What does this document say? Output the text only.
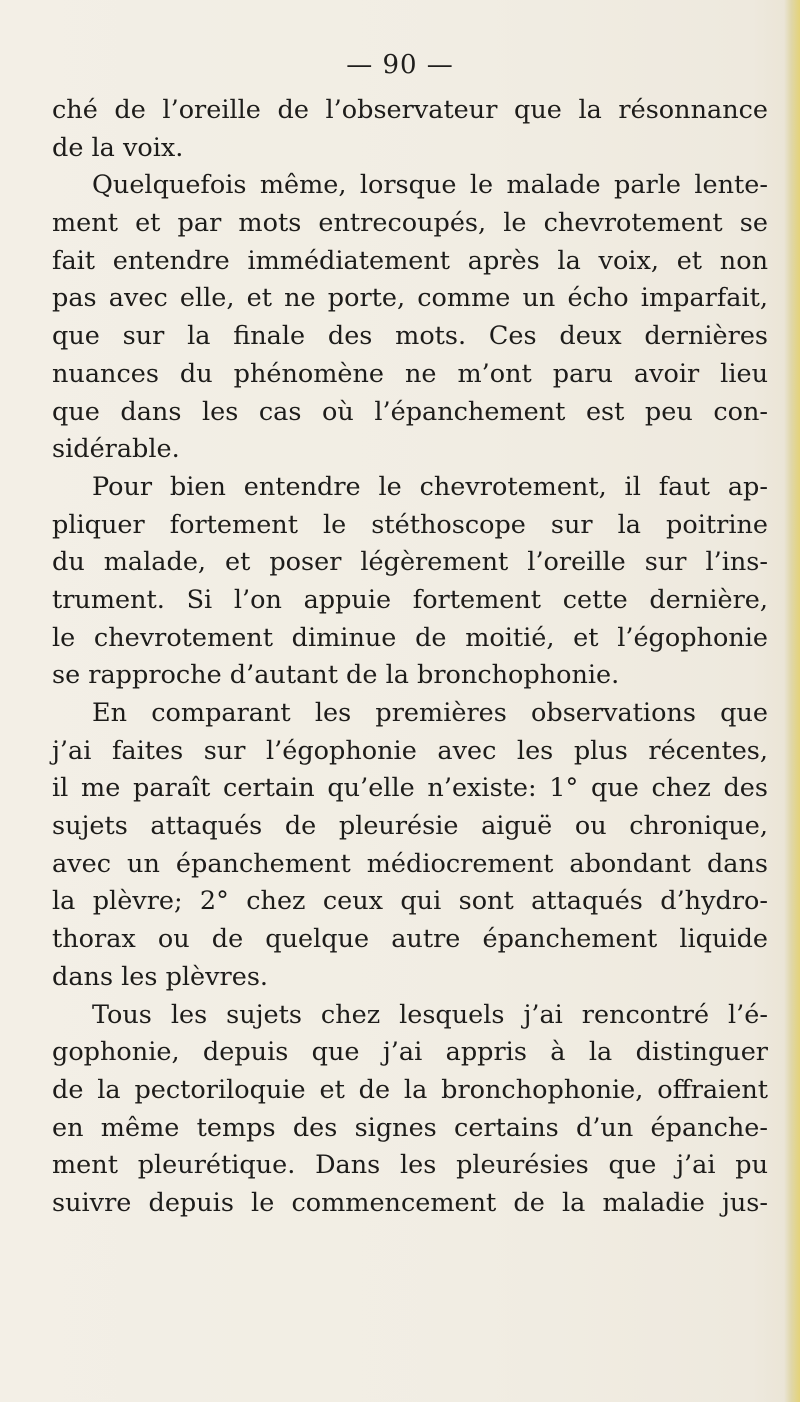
— 90 —
ché de l’oreille de l’observateur que la résonnance
de la voix.
Quelquefois même, lorsque le malade parle lente-
ment et par mots entrecoupés, le chevrotement se
fait entendre immédiatement après la voix, et non
pas avec elle, et ne porte, comme un écho imparfait,
que sur la finale des mots. Ces deux dernières
nuances du phénomène ne m’ont paru avoir lieu
que dans les cas où l’épanchement est peu con-
sidérable.
Pour bien entendre le chevrotement, il faut ap-
pliquer fortement le stéthoscope sur la poitrine
du malade, et poser légèrement l’oreille sur l’ins-
trument. Si l’on appuie fortement cette dernière,
le chevrotement diminue de moitié, et l’égophonie
se rapproche d’autant de la bronchophonie.
En comparant les premières observations que
j’ai faites sur l’égophonie avec les plus récentes,
il me paraît certain qu’elle n’existe: 1° que chez des
sujets attaqués de pleurésie aiguë ou chronique,
avec un épanchement médiocrement abondant dans
la plèvre; 2° chez ceux qui sont attaqués d’hydro-
thorax ou de quelque autre épanchement liquide
dans les plèvres.
Tous les sujets chez lesquels j’ai rencontré l’é-
gophonie, depuis que j’ai appris à la distinguer
de la pectoriloquie et de la bronchophonie, offraient
en même temps des signes certains d’un épanche-
ment pleurétique. Dans les pleurésies que j’ai pu
suivre depuis le commencement de la maladie jus-
